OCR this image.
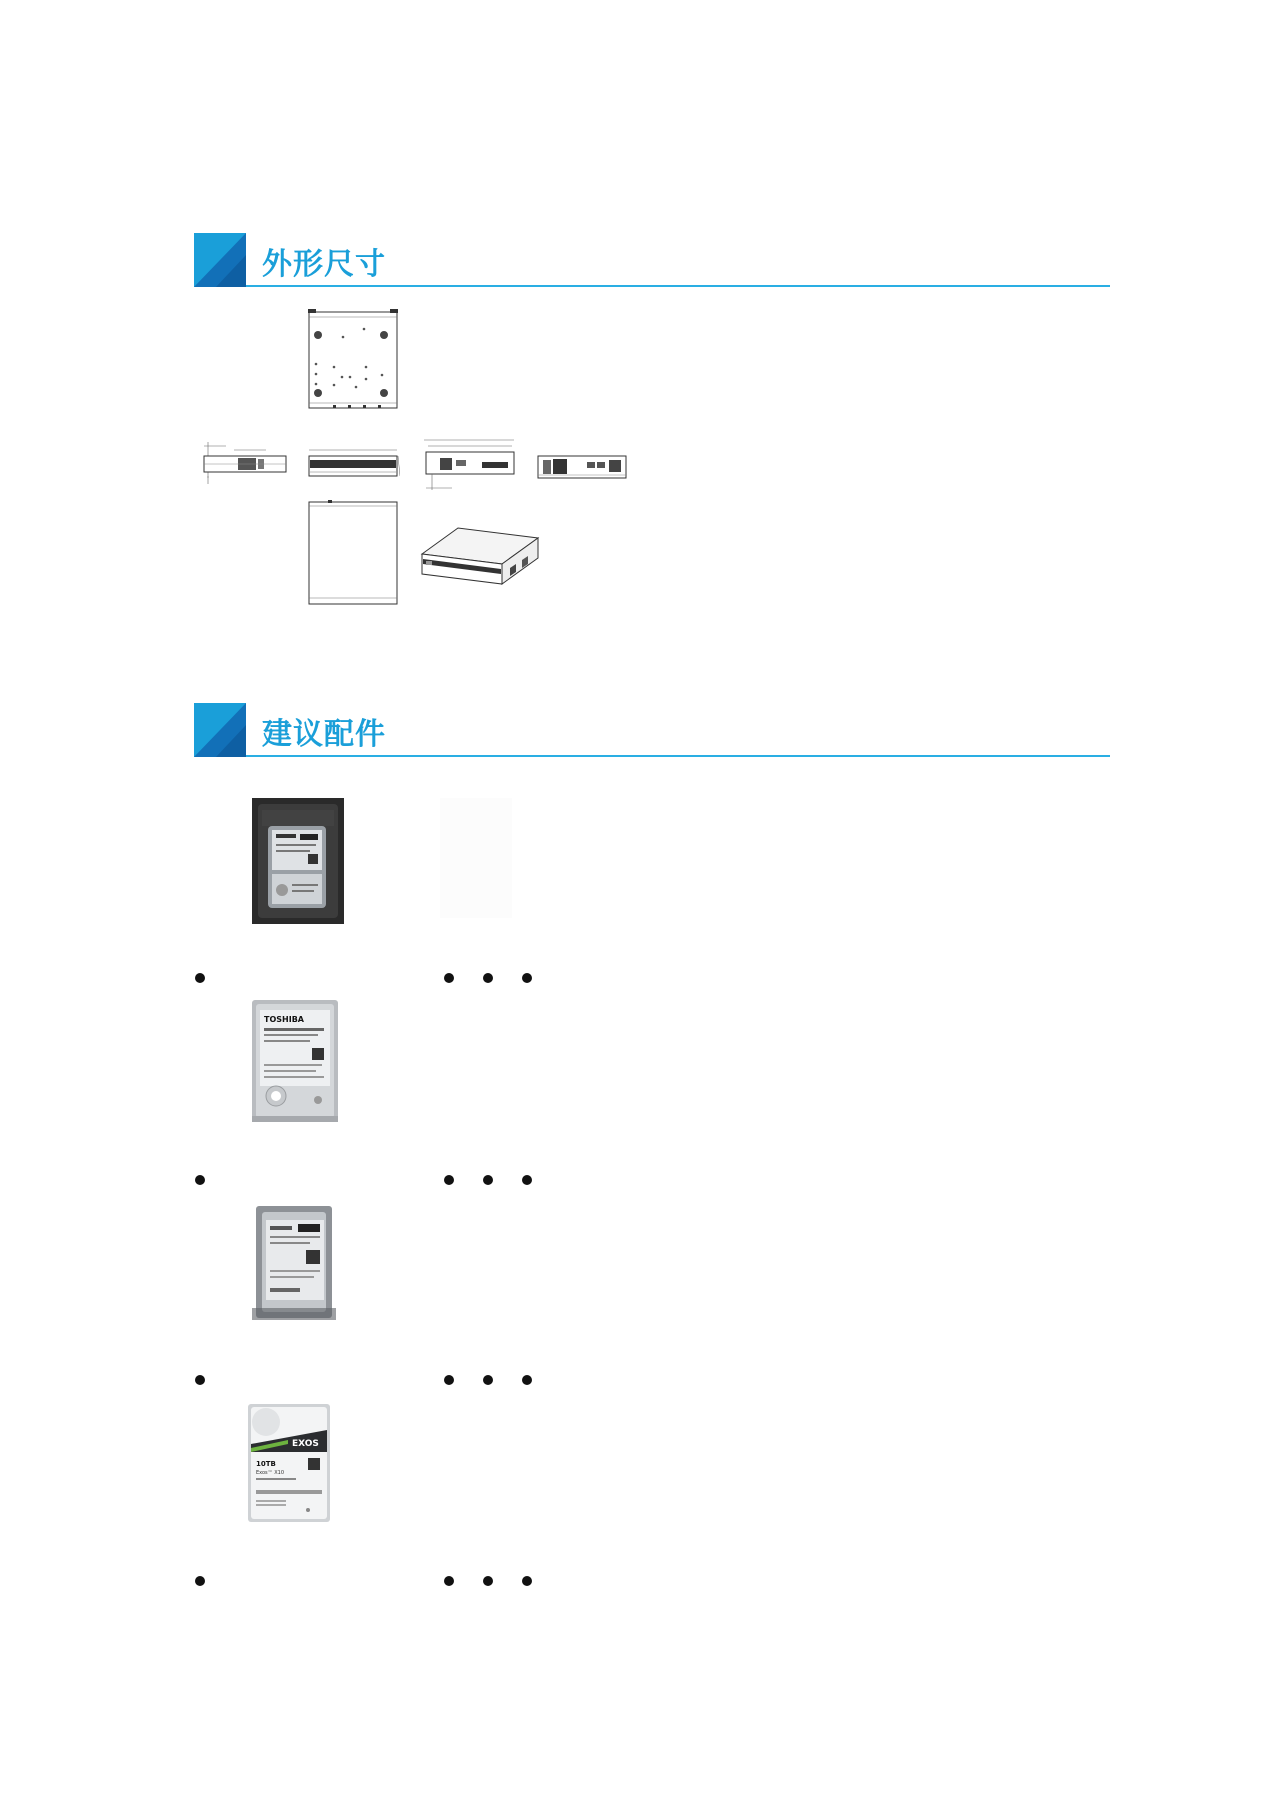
外形尺寸
建议配件
TOSHIBA
EXOS
10TB
Exos™ X10
